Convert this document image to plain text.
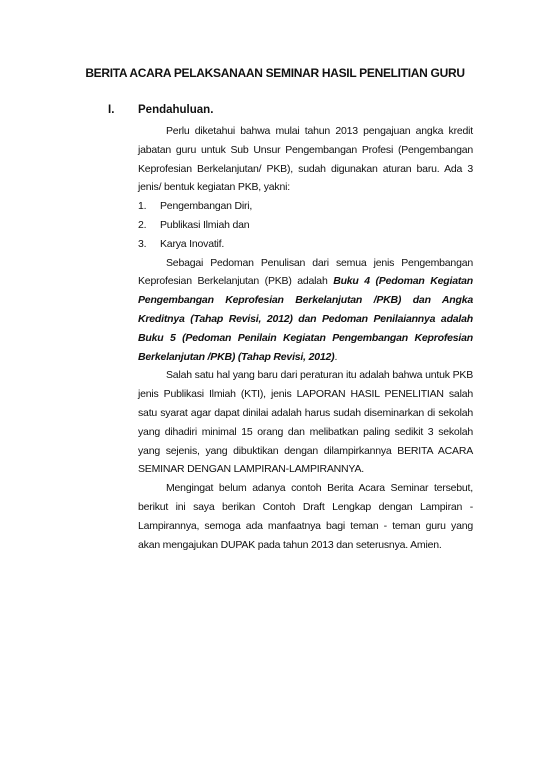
BERITA ACARA PELAKSANAAN SEMINAR HASIL PENELITIAN GURU
I. Pendahuluan.

Perlu diketahui bahwa mulai tahun 2013 pengajuan angka kredit jabatan guru untuk Sub Unsur Pengembangan Profesi (Pengembangan Keprofesian Berkelanjutan/ PKB), sudah digunakan aturan baru. Ada 3 jenis/ bentuk kegiatan PKB, yakni:

1. Pengembangan Diri,
2. Publikasi Ilmiah dan
3. Karya Inovatif.

Sebagai Pedoman Penulisan dari semua jenis Pengembangan Keprofesian Berkelanjutan (PKB) adalah Buku 4 (Pedoman Kegiatan Pengembangan Keprofesian Berkelanjutan /PKB) dan Angka Kreditnya (Tahap Revisi, 2012) dan Pedoman Penilaiannya adalah Buku 5 (Pedoman Penilain Kegiatan Pengembangan Keprofesian Berkelanjutan /PKB) (Tahap Revisi, 2012).

Salah satu hal yang baru dari peraturan itu adalah bahwa untuk PKB jenis Publikasi Ilmiah (KTI), jenis LAPORAN HASIL PENELITIAN salah satu syarat agar dapat dinilai adalah harus sudah diseminarkan di sekolah yang dihadiri minimal 15 orang dan melibatkan paling sedikit 3 sekolah yang sejenis, yang dibuktikan dengan dilampirkannya BERITA ACARA SEMINAR DENGAN LAMPIRAN-LAMPIRANNYA.

Mengingat belum adanya contoh Berita Acara Seminar tersebut, berikut ini saya berikan Contoh Draft Lengkap dengan Lampiran - Lampirannya, semoga ada manfaatnya bagi teman - teman guru yang akan mengajukan DUPAK pada tahun 2013 dan seterusnya. Amien.
